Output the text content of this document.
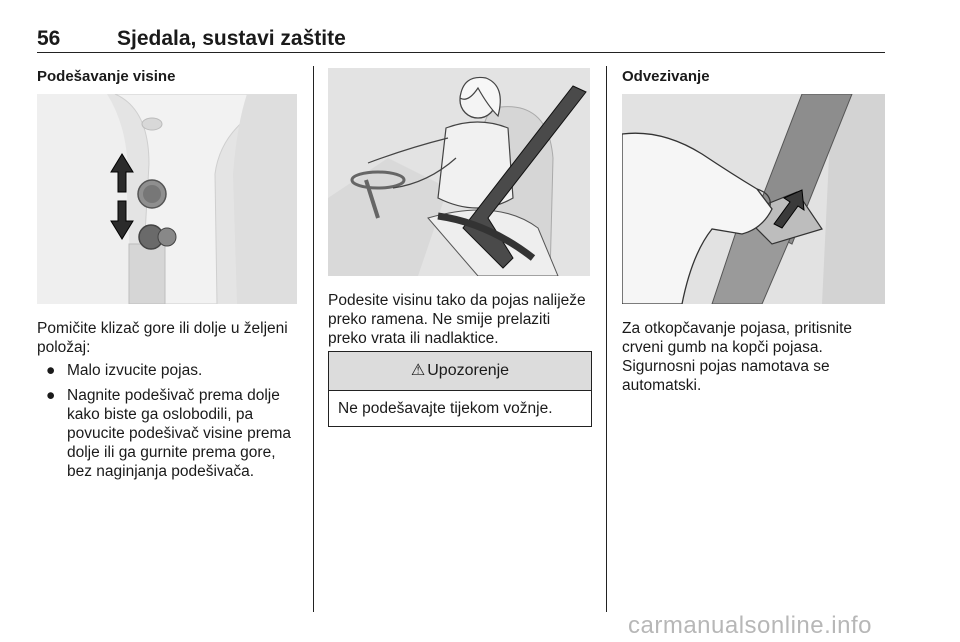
56	Sjedala, sustavi zaštite
Podešavanje visine
Pomičite klizač gore ili dolje u željeni
položaj:
● Malo izvucite pojas.
● Nagnite podešivač prema dolje
kako biste ga oslobodili, pa
povucite podešivač visine prema
dolje ili ga gurnite prema gore,
bez naginjanja podešivača.
Podesite visinu tako da pojas naliježe
preko ramena. Ne smije prelaziti
preko vrata ili nadlaktice.
⚠ Upozorenje
Ne podešavajte tijekom vožnje.
Odvezivanje
Za otkopčavanje pojasa, pritisnite
crveni gumb na kopči pojasa.
Sigurnosni pojas namotava se
automatski.
carmanualsonline.info
